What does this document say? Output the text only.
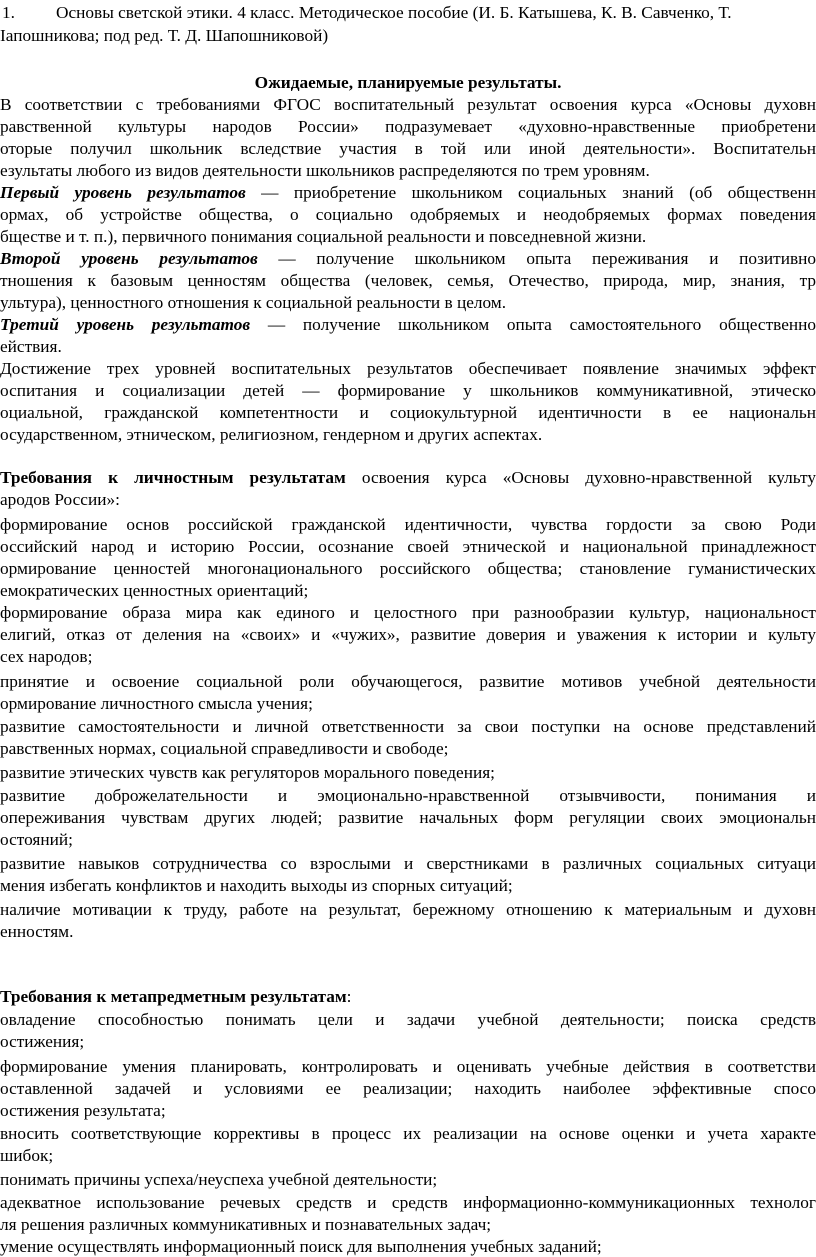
1. Основы светской этики. 4 класс. Методическое пособие (И. Б. Катышева, К. В. Савченко, Т.
Іапошникова; под ред. Т. Д. Шапошниковой)
Ожидаемые, планируемые результаты.
В соответствии с требованиями ФГОС воспитательный результат освоения курса «Основы духовн
равственной культуры народов России» подразумевает «духовно-нравственные приобретени
оторые получил школьник вследствие участия в той или иной деятельности». Воспитательн
езультаты любого из видов деятельности школьников распределяются по трем уровням.
Первый уровень результатов — приобретение школьником социальных знаний (об общественн
ормах, об устройстве общества, о социально одобряемых и неодобряемых формах поведения
бществе и т. п.), первичного понимания социальной реальности и повседневной жизни.
Второй уровень результатов — получение школьником опыта переживания и позитивно
тношения к базовым ценностям общества (человек, семья, Отечество, природа, мир, знания, тр
ультура), ценностного отношения к социальной реальности в целом.
Третий уровень результатов — получение школьником опыта самостоятельного общественно
ействия.
Достижение трех уровней воспитательных результатов обеспечивает появление значимых эффект
оспитания и социализации детей — формирование у школьников коммуникативной, этическо
оциальной, гражданской компетентности и социокультурной идентичности в ее национальн
осударственном, этническом, религиозном, гендерном и других аспектах.
Требования к личностным результатам освоения курса «Основы духовно-нравственной культу
ародов России»:
формирование основ российской гражданской идентичности, чувства гордости за свою Роди
оссийский народ и историю России, осознание своей этнической и национальной принадлежност
ормирование ценностей многонационального российского общества; становление гуманистических
емократических ценностных ориентаций;
формирование образа мира как единого и целостного при разнообразии культур, национальност
елигий, отказ от деления на «своих» и «чужих», развитие доверия и уважения к истории и культу
сех народов;
принятие и освоение социальной роли обучающегося, развитие мотивов учебной деятельности
ормирование личностного смысла учения;
развитие самостоятельности и личной ответственности за свои поступки на основе представлений
равственных нормах, социальной справедливости и свободе;
развитие этических чувств как регуляторов морального поведения;
развитие доброжелательности и эмоционально-нравственной отзывчивости, понимания и
опереживания чувствам других людей; развитие начальных форм регуляции своих эмоциональн
остояний;
развитие навыков сотрудничества со взрослыми и сверстниками в различных социальных ситуаци
мения избегать конфликтов и находить выходы из спорных ситуаций;
наличие мотивации к труду, работе на результат, бережному отношению к материальным и духовн
енностям.
Требования к метапредметным результатам:
овладение способностью понимать цели и задачи учебной деятельности; поиска средств
остижения;
формирование умения планировать, контролировать и оценивать учебные действия в соответстви
оставленной задачей и условиями ее реализации; находить наиболее эффективные спосо
остижения результата;
вносить соответствующие коррективы в процесс их реализации на основе оценки и учета характе
шибок;
понимать причины успеха/неуспеха учебной деятельности;
адекватное использование речевых средств и средств информационно-коммуникационных технолог
ля решения различных коммуникативных и познавательных задач;
умение осуществлять информационный поиск для выполнения учебных заданий;
